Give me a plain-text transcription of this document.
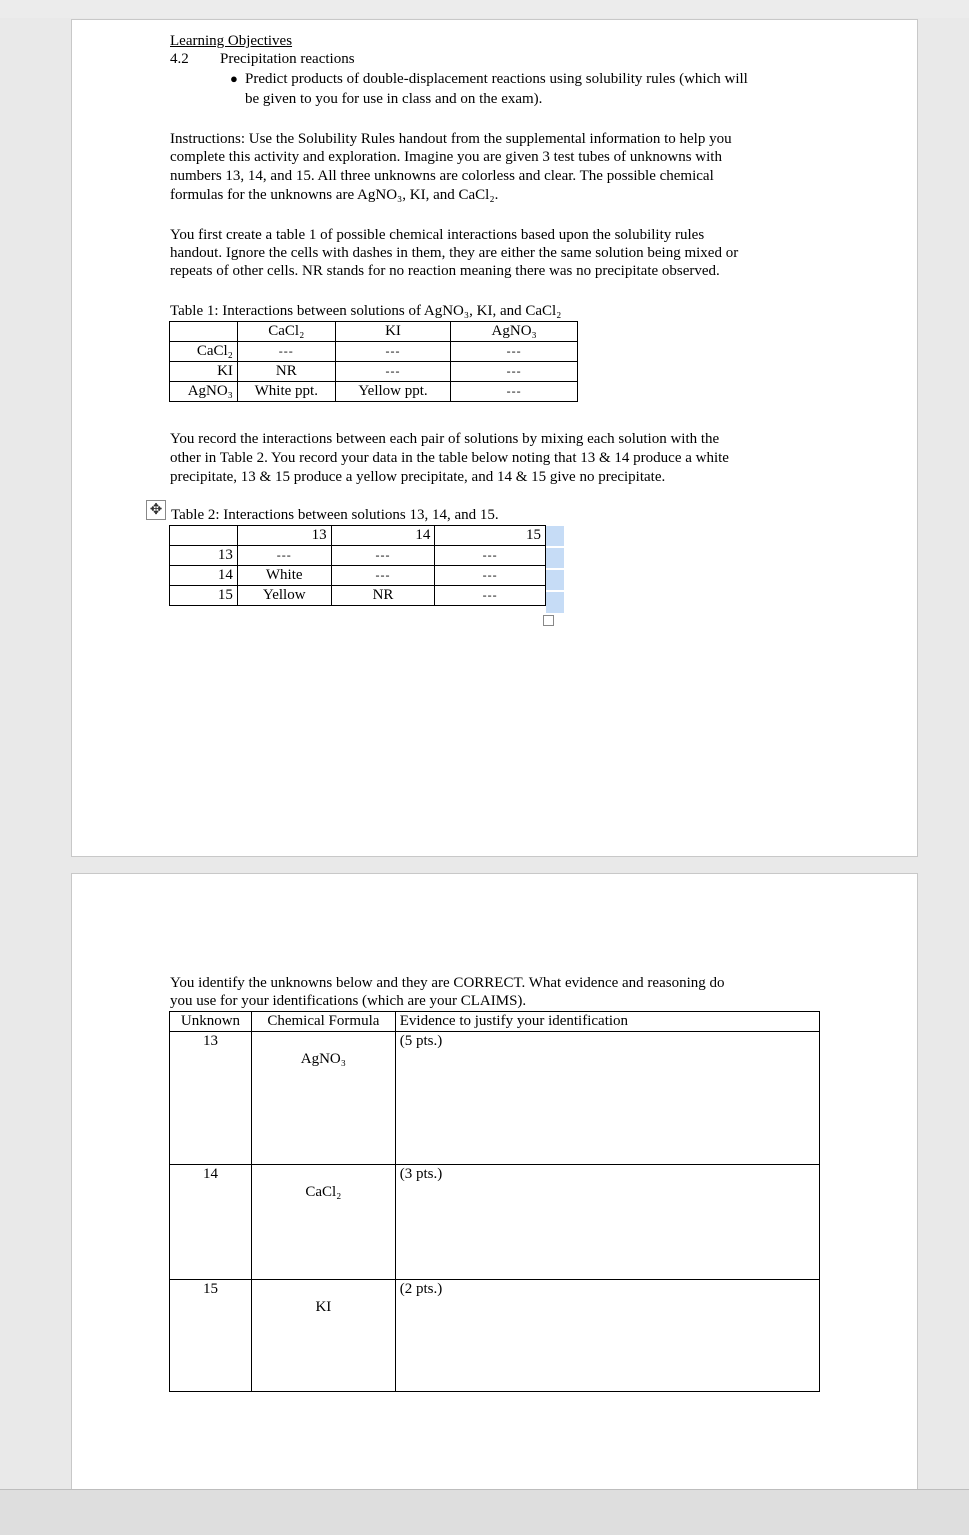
Learning Objectives
4.2 Precipitation reactions
● Predict products of double-displacement reactions using solubility rules (which will
be given to you for use in class and on the exam).
Instructions: Use the Solubility Rules handout from the supplemental information to help you
complete this activity and exploration. Imagine you are given 3 test tubes of unknowns with
numbers 13, 14, and 15. All three unknowns are colorless and clear. The possible chemical
formulas for the unknowns are AgNO₃, KI, and CaCl₂.
You first create a table 1 of possible chemical interactions based upon the solubility rules
handout. Ignore the cells with dashes in them, they are either the same solution being mixed or
repeats of other cells. NR stands for no reaction meaning there was no precipitate observed.
Table 1: Interactions between solutions of AgNO₃, KI, and CaCl₂
	CaCl₂	KI	AgNO₃
CaCl₂	---	---	---
KI	NR	---	---
AgNO₃	White ppt.	Yellow ppt.	---
You record the interactions between each pair of solutions by mixing each solution with the
other in Table 2. You record your data in the table below noting that 13 & 14 produce a white
precipitate, 13 & 15 produce a yellow precipitate, and 14 & 15 give no precipitate.
✥ Table 2: Interactions between solutions 13, 14, and 15.
	13	14	15
13	---	---	---
14	White	---	---
15	Yellow	NR	---
You identify the unknowns below and they are CORRECT. What evidence and reasoning do
you use for your identifications (which are your CLAIMS).
Unknown	Chemical Formula	Evidence to justify your identification
13	AgNO₃	(5 pts.)
14	CaCl₂	(3 pts.)
15	KI	(2 pts.)
